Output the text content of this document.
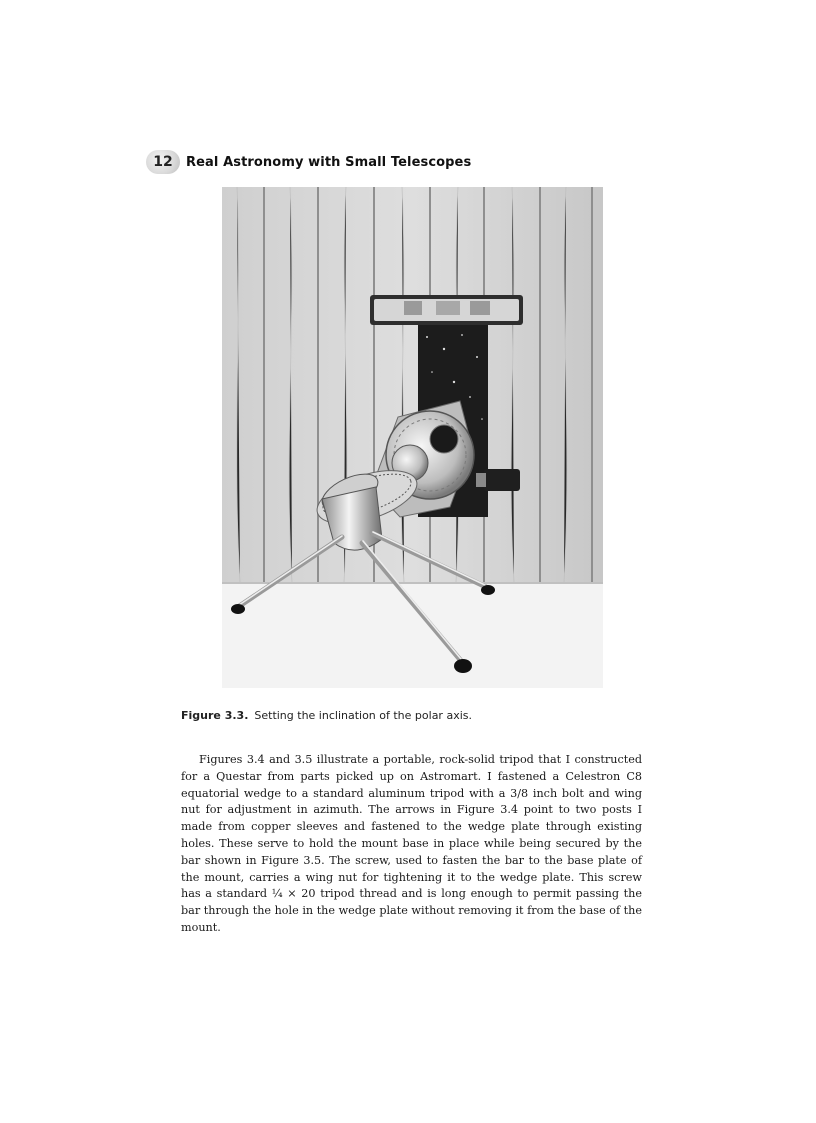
12 Real Astronomy with Small Telescopes
Figure 3.3. Setting the inclination of the polar axis.

Figures 3.4 and 3.5 illustrate a portable, rock-solid tripod that I constructed for a Questar from parts picked up on Astromart. I fastened a Celestron C8 equatorial wedge to a standard aluminum tripod with a 3/8 inch bolt and wing nut for adjustment in azimuth. The arrows in Figure 3.4 point to two posts I made from copper sleeves and fastened to the wedge plate through existing holes. These serve to hold the mount base in place while being secured by the bar shown in Figure 3.5. The screw, used to fasten the bar to the base plate of the mount, carries a wing nut for tightening it to the wedge plate. This screw has a standard ¼ × 20 tripod thread and is long enough to permit passing the bar through the hole in the wedge plate without removing it from the base of the mount.
